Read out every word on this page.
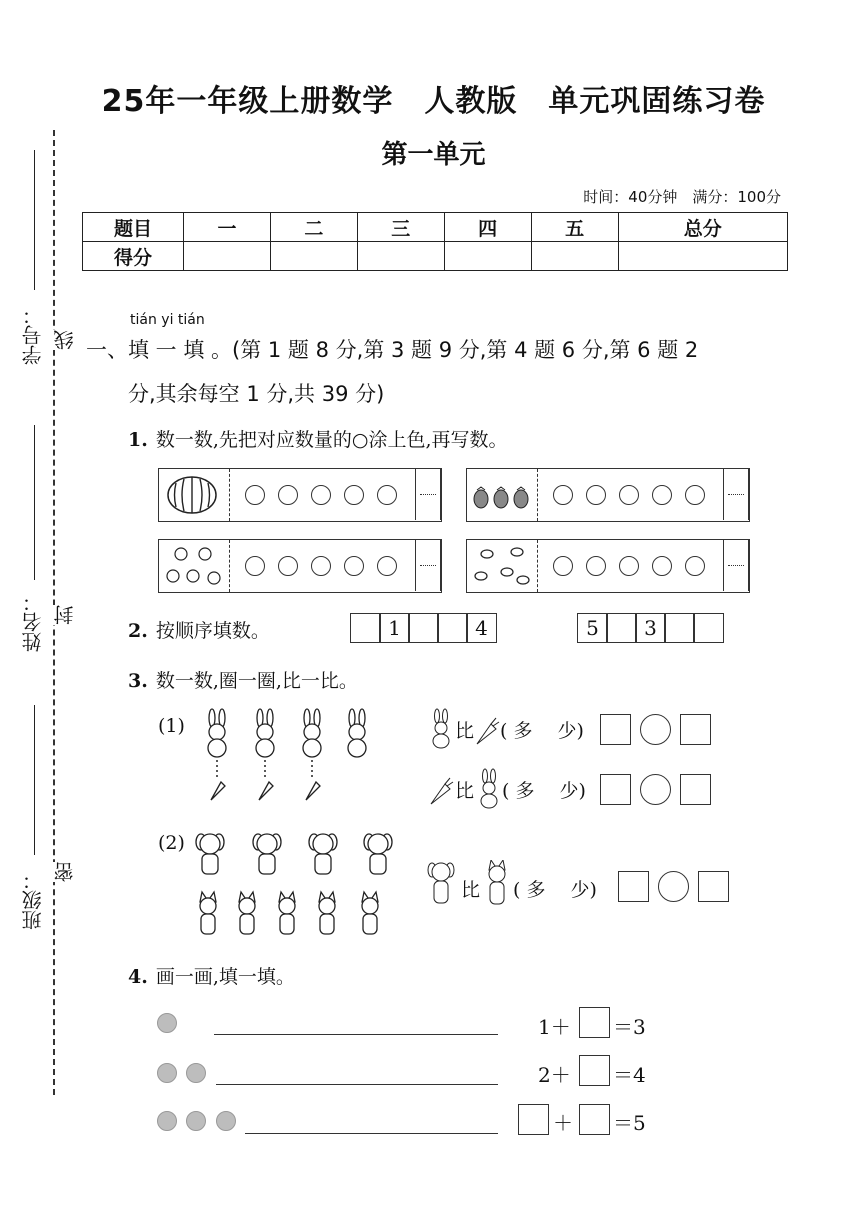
25年一年级上册数学　人教版　单元巩固练习卷
第一单元
时间：40分钟　满分：100分
题目	一	二	三	四	五	总分
得分						
学号： 线
姓名： 封
班级： 密
tián yi tián
一、填 一 填 。(第 1 题 8 分,第 3 题 9 分,第 4 题 6 分,第 6 题 2
分,其余每空 1 分,共 39 分)
1. 数一数,先把对应数量的○涂上色,再写数。
2. 按顺序填数。	1	4	5	3
3. 数一数,圈一圈,比一比。
(1)	比 ( 多　 少)
比 ( 多　 少)
(2)
比 ( 多　 少)
4. 画一画,填一填。
1＋ ＝3
2＋ ＝4
＋ ＝5
